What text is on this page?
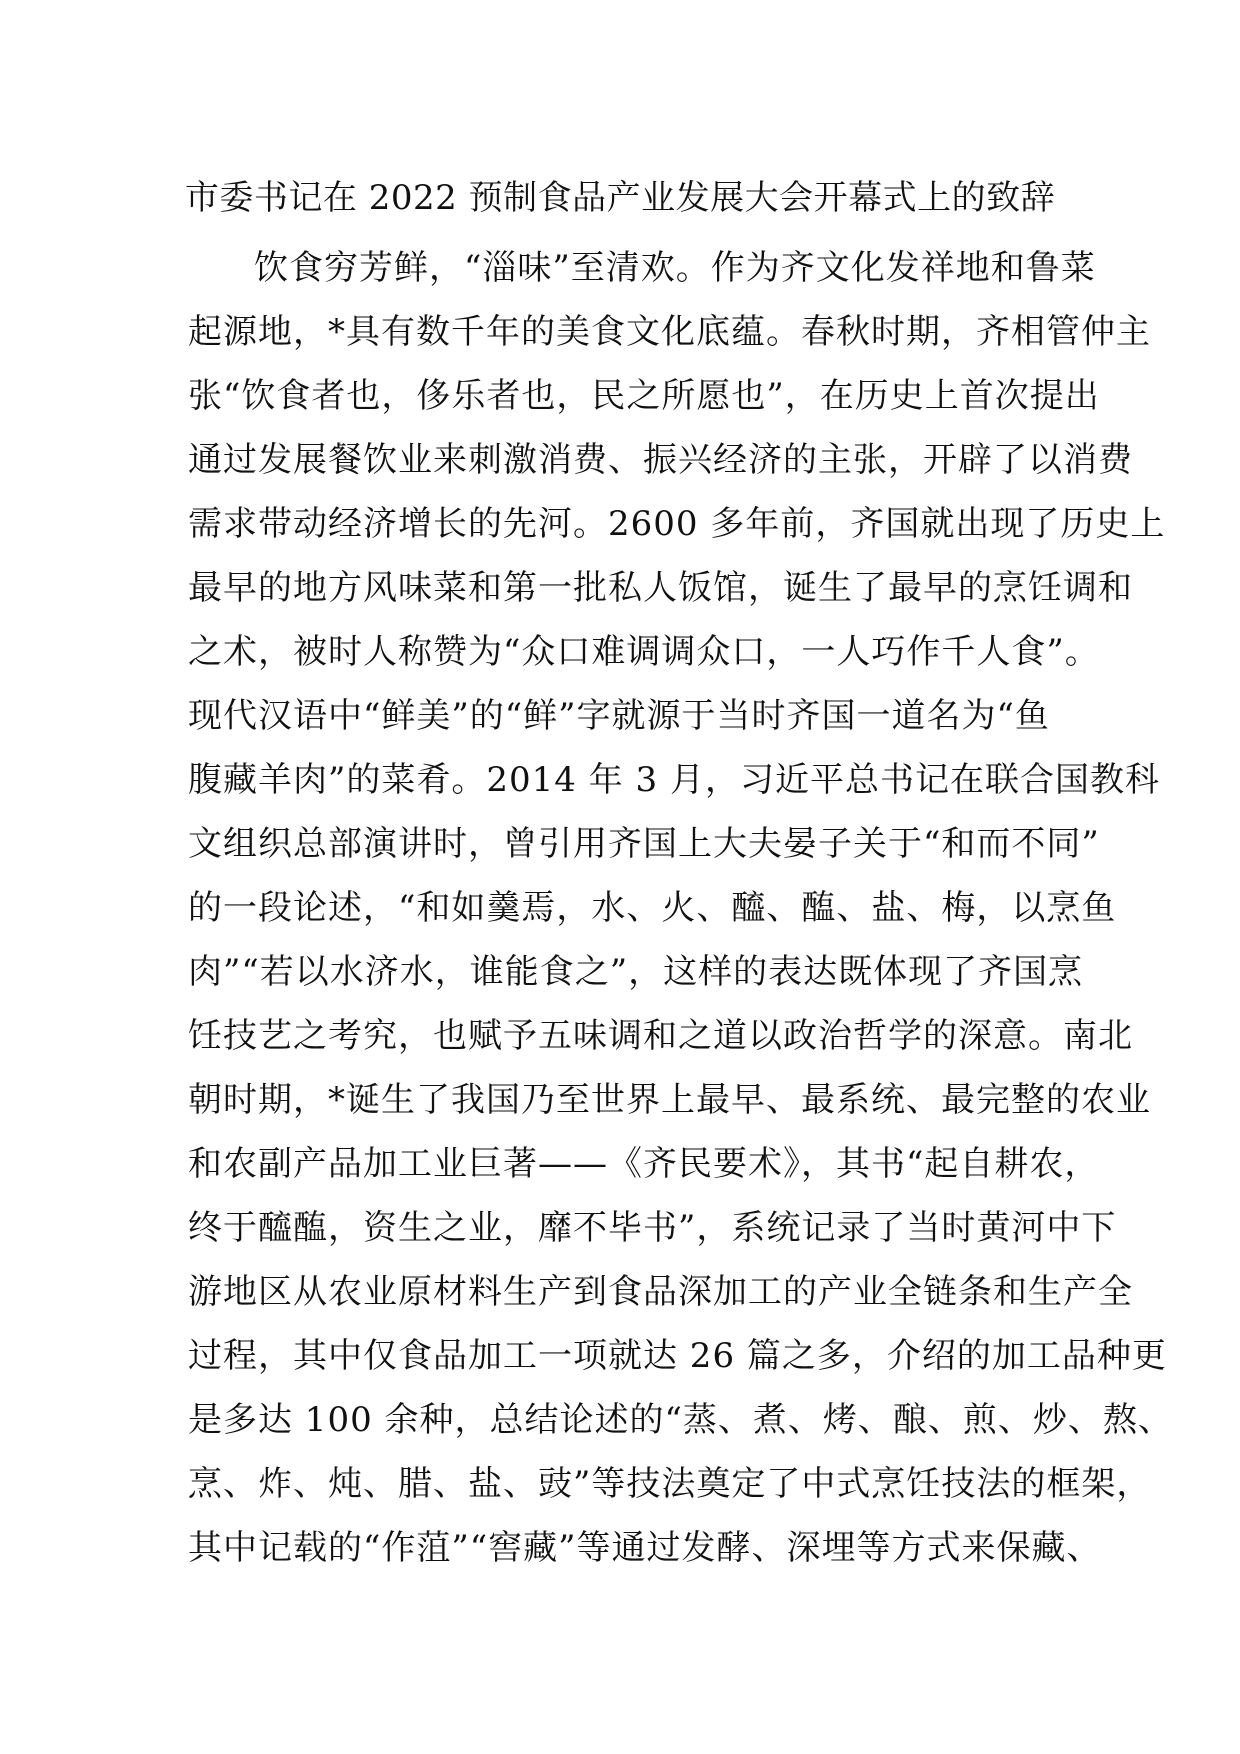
市委书记在 2022 预制食品产业发展大会开幕式上的致辞
饮食穷芳鲜，“淄味”至清欢。作为齐文化发祥地和鲁菜
起源地，*具有数千年的美食文化底蕴。春秋时期，齐相管仲主
张“饮食者也，侈乐者也，民之所愿也”，在历史上首次提出
通过发展餐饮业来刺激消费、振兴经济的主张，开辟了以消费
需求带动经济增长的先河。2600 多年前，齐国就出现了历史上
最早的地方风味菜和第一批私人饭馆，诞生了最早的烹饪调和
之术，被时人称赞为“众口难调调众口，一人巧作千人食”。
现代汉语中“鲜美”的“鲜”字就源于当时齐国一道名为“鱼
腹藏羊肉”的菜肴。2014 年 3 月，习近平总书记在联合国教科
文组织总部演讲时，曾引用齐国上大夫晏子关于“和而不同”
的一段论述，“和如羹焉，水、火、醯、醢、盐、梅，以烹鱼
肉”“若以水济水，谁能食之”，这样的表达既体现了齐国烹
饪技艺之考究，也赋予五味调和之道以政治哲学的深意。南北
朝时期，*诞生了我国乃至世界上最早、最系统、最完整的农业
和农副产品加工业巨著——《齐民要术》，其书“起自耕农，
终于醯醢，资生之业，靡不毕书”，系统记录了当时黄河中下
游地区从农业原材料生产到食品深加工的产业全链条和生产全
过程，其中仅食品加工一项就达 26 篇之多，介绍的加工品种更
是多达 100 余种，总结论述的“蒸、煮、烤、酿、煎、炒、熬、
烹、炸、炖、腊、盐、豉”等技法奠定了中式烹饪技法的框架，
其中记载的“作菹”“窖藏”等通过发酵、深埋等方式来保藏、
